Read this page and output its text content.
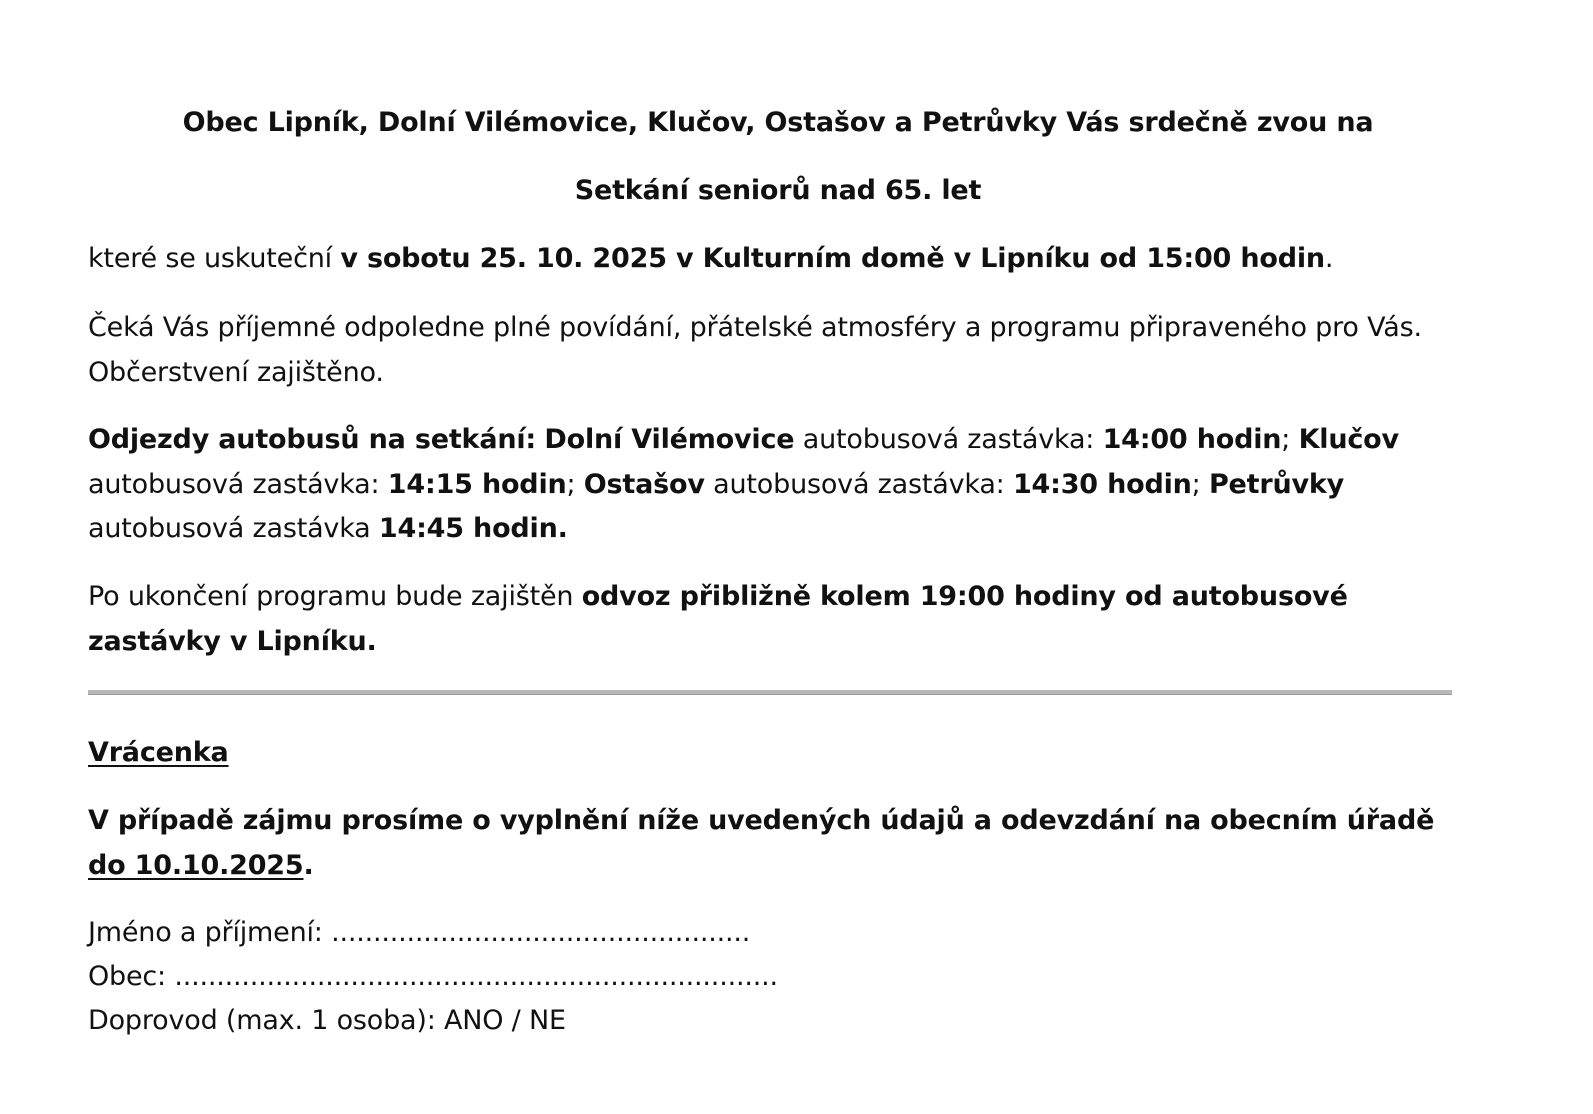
Obec Lipník, Dolní Vilémovice, Klučov, Ostašov a Petrůvky Vás srdečně zvou na

Setkání seniorů nad 65. let

které se uskuteční v sobotu 25. 10. 2025 v Kulturním domě v Lipníku od 15:00 hodin.

Čeká Vás příjemné odpoledne plné povídání, přátelské atmosféry a programu připraveného pro Vás. Občerstvení zajištěno.

Odjezdy autobusů na setkání: Dolní Vilémovice autobusová zastávka: 14:00 hodin; Klučov autobusová zastávka: 14:15 hodin; Ostašov autobusová zastávka: 14:30 hodin; Petrůvky autobusová zastávka 14:45 hodin.

Po ukončení programu bude zajištěn odvoz přibližně kolem 19:00 hodiny od autobusové zastávky v Lipníku.

Vrácenka

V případě zájmu prosíme o vyplnění níže uvedených údajů a odevzdání na obecním úřadě do 10.10.2025.

Jméno a příjmení: ..................................................

Obec: ........................................................................

Doprovod (max. 1 osoba): ANO / NE
